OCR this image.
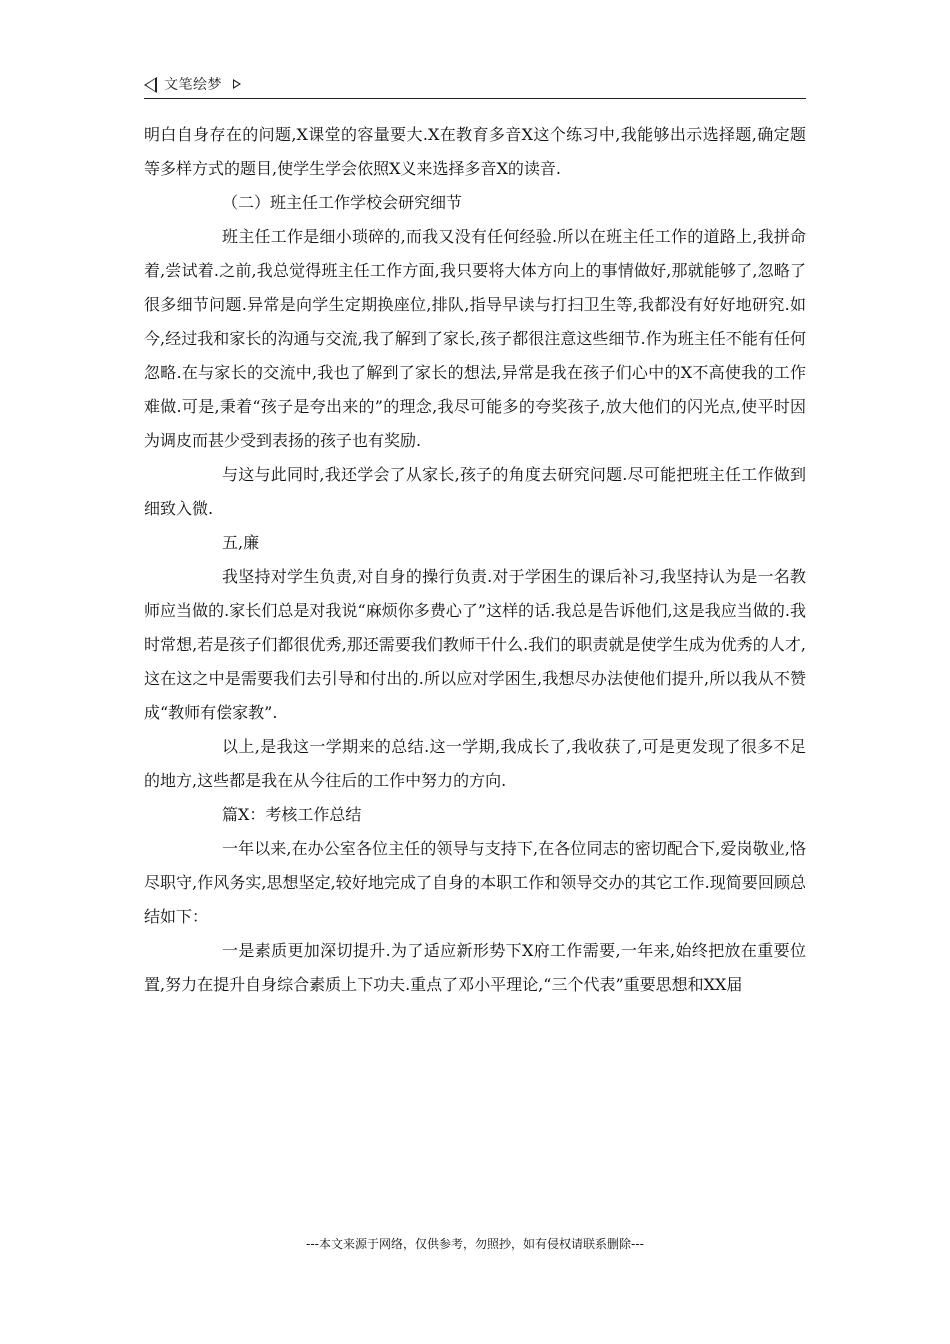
文笔绘梦

明白自身存在的问题,X课堂的容量要大.X在教育多音X这个练习中,我能够出示选择题,确定题等多样方式的题目,使学生学会依照X义来选择多音X的读音.

（二）班主任工作学校会研究细节

班主任工作是细小琐碎的,而我又没有任何经验.所以在班主任工作的道路上,我拼命着,尝试着.之前,我总觉得班主任工作方面,我只要将大体方向上的事情做好,那就能够了,忽略了很多细节问题.异常是向学生定期换座位,排队,指导早读与打扫卫生等,我都没有好好地研究.如今,经过我和家长的沟通与交流,我了解到了家长,孩子都很注意这些细节.作为班主任不能有任何忽略.在与家长的交流中,我也了解到了家长的想法,异常是我在孩子们心中的X不高使我的工作难做.可是,秉着“孩子是夸出来的”的理念,我尽可能多的夸奖孩子,放大他们的闪光点,使平时因为调皮而甚少受到表扬的孩子也有奖励.

与这与此同时,我还学会了从家长,孩子的角度去研究问题.尽可能把班主任工作做到细致入微.

五,廉

我坚持对学生负责,对自身的操行负责.对于学困生的课后补习,我坚持认为是一名教师应当做的.家长们总是对我说“麻烦你多费心了”这样的话.我总是告诉他们,这是我应当做的.我时常想,若是孩子们都很优秀,那还需要我们教师干什么.我们的职责就是使学生成为优秀的人才,这在这之中是需要我们去引导和付出的.所以应对学困生,我想尽办法使他们提升,所以我从不赞成“教师有偿家教”.

以上,是我这一学期来的总结.这一学期,我成长了,我收获了,可是更发现了很多不足的地方,这些都是我在从今往后的工作中努力的方向.

篇X：考核工作总结

一年以来,在办公室各位主任的领导与支持下,在各位同志的密切配合下,爱岗敬业,恪尽职守,作风务实,思想坚定,较好地完成了自身的本职工作和领导交办的其它工作.现简要回顾总结如下：

一是素质更加深切提升.为了适应新形势下X府工作需要,一年来,始终把放在重要位置,努力在提升自身综合素质上下功夫.重点了邓小平理论,“三个代表”重要思想和XX届

---本文来源于网络，仅供参考，勿照抄，如有侵权请联系删除---
